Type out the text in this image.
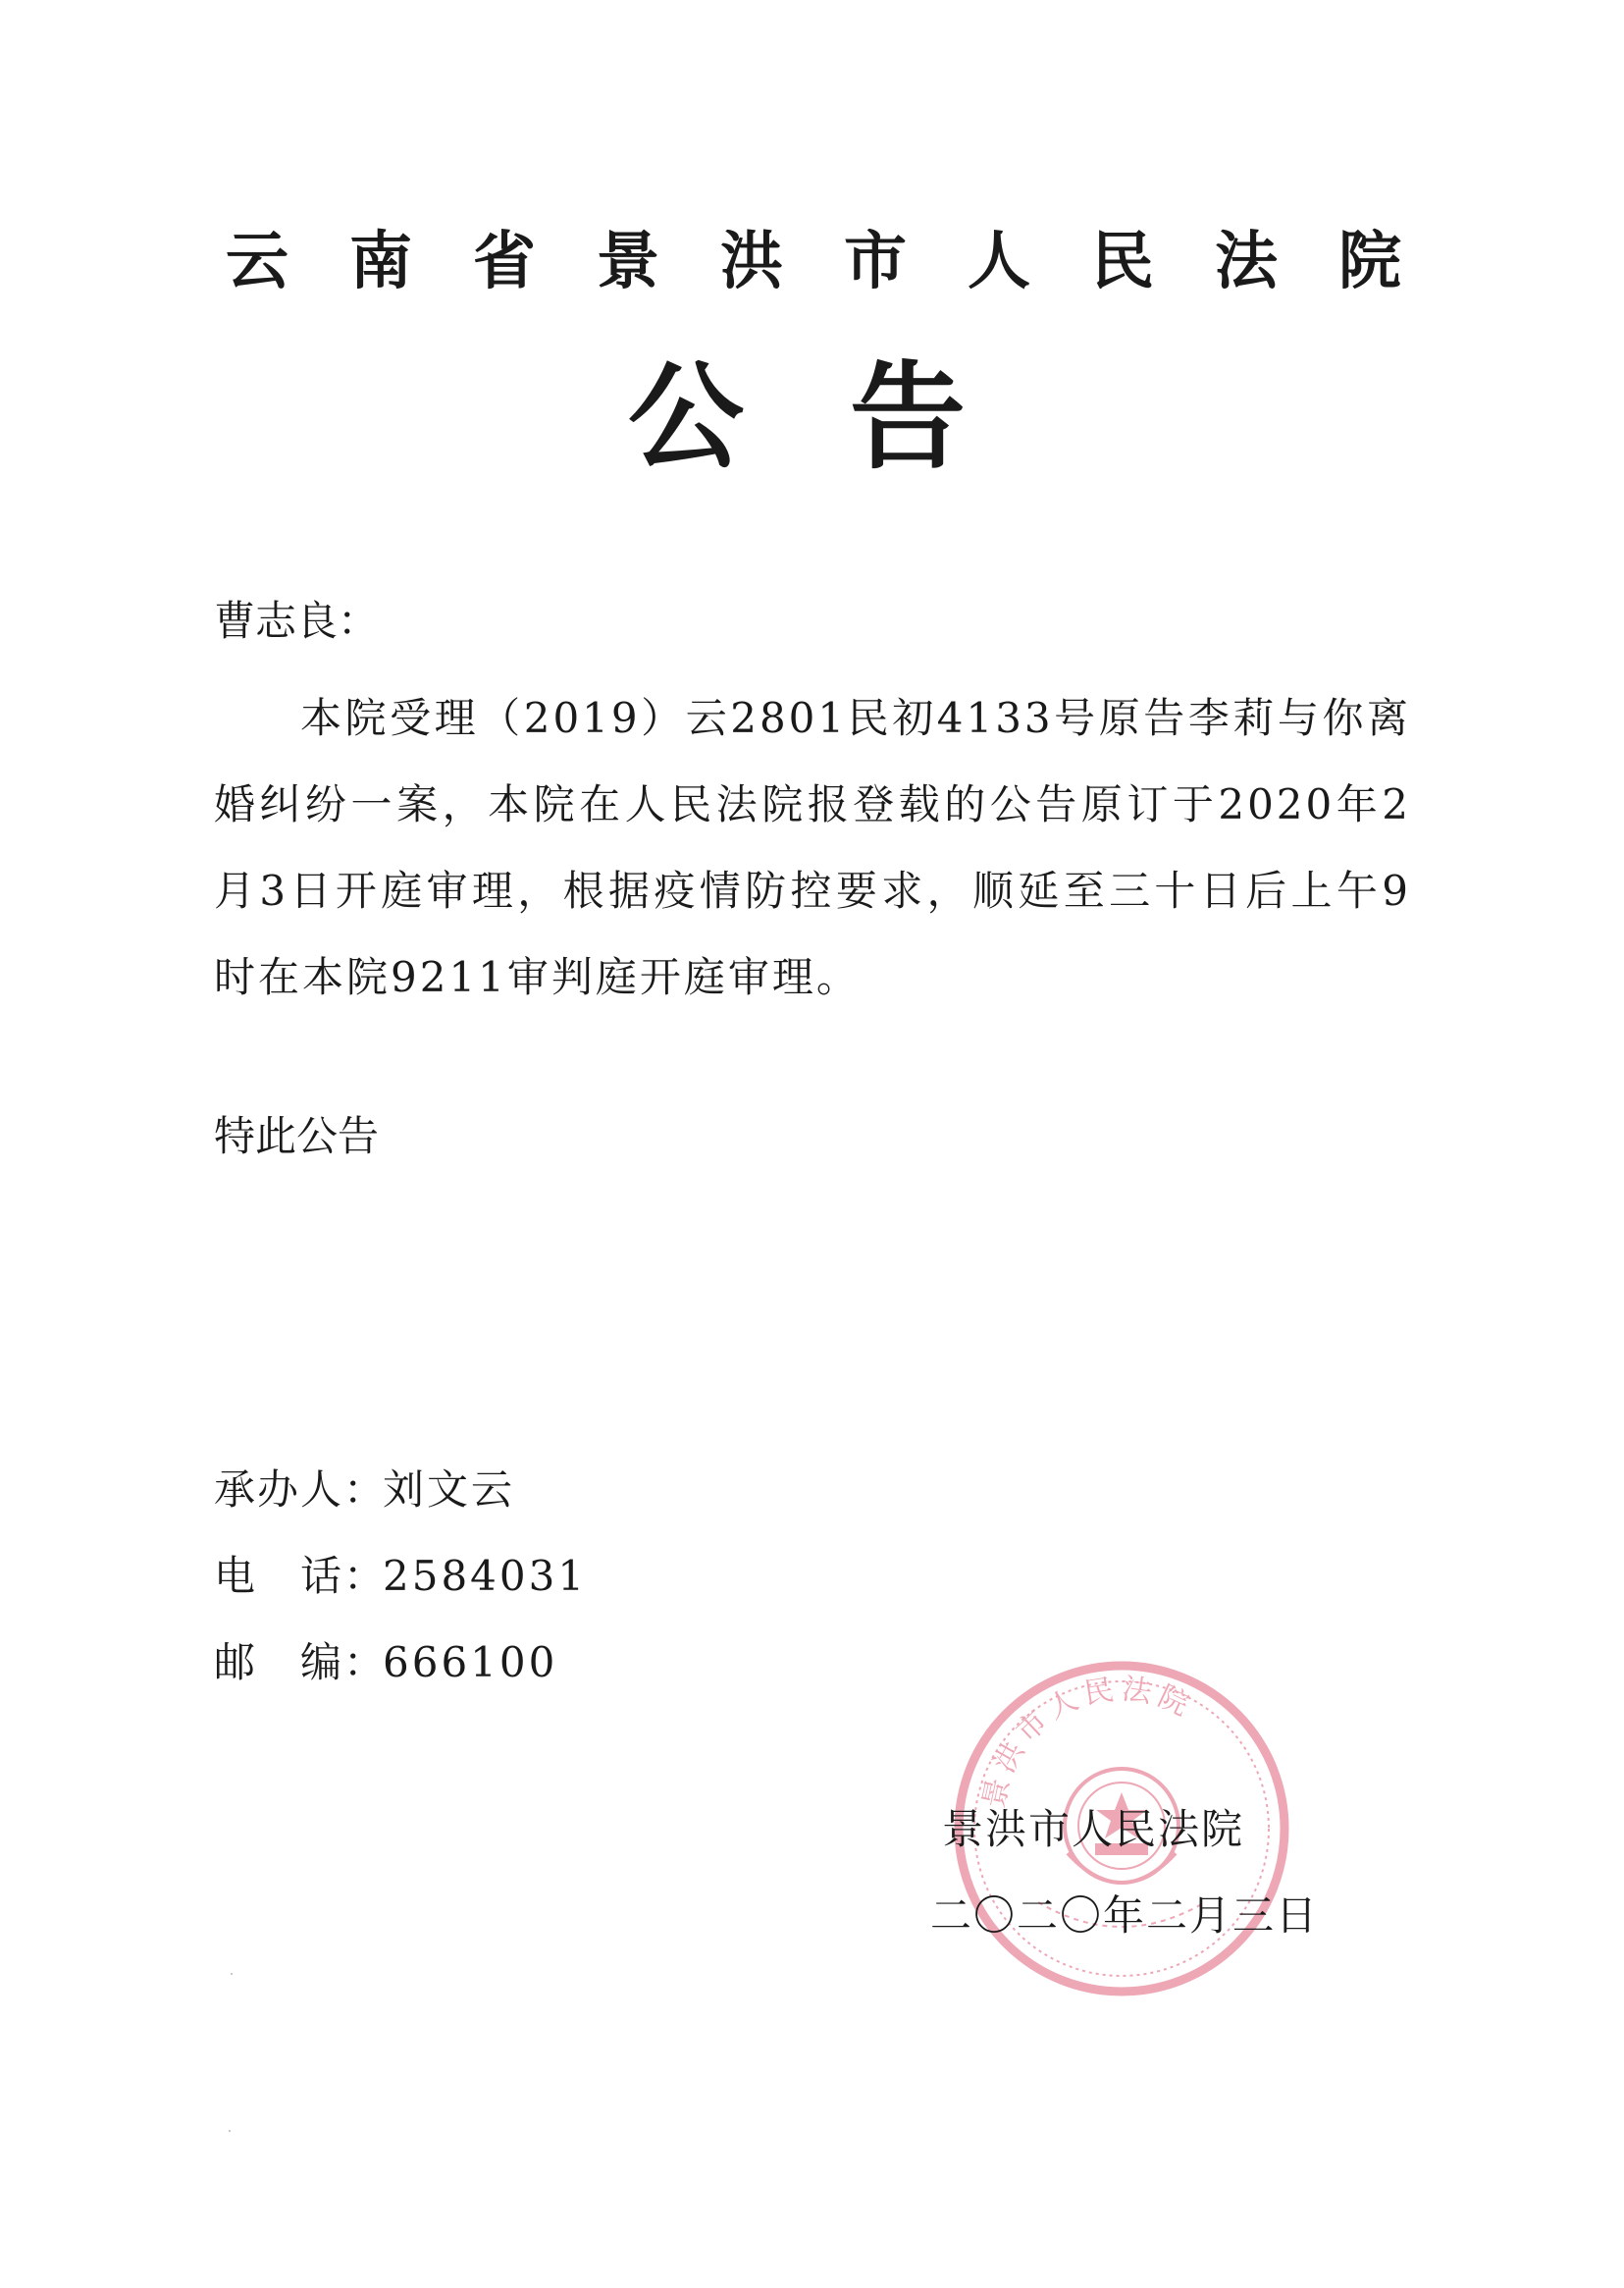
云南省景洪市人民法院
公告
曹志良：
本院受理（2019）云2801民初4133号原告李莉与你离婚纠纷一案，本院在人民法院报登载的公告原订于2020年2月3日开庭审理，根据疫情防控要求，顺延至三十日后上午9时在本院9211审判庭开庭审理。
特此公告
承办人：
刘文云
电　话：
2584031
邮　编：
666100
景洪市人民法院
景洪市人民法院
二〇二〇年二月三日
